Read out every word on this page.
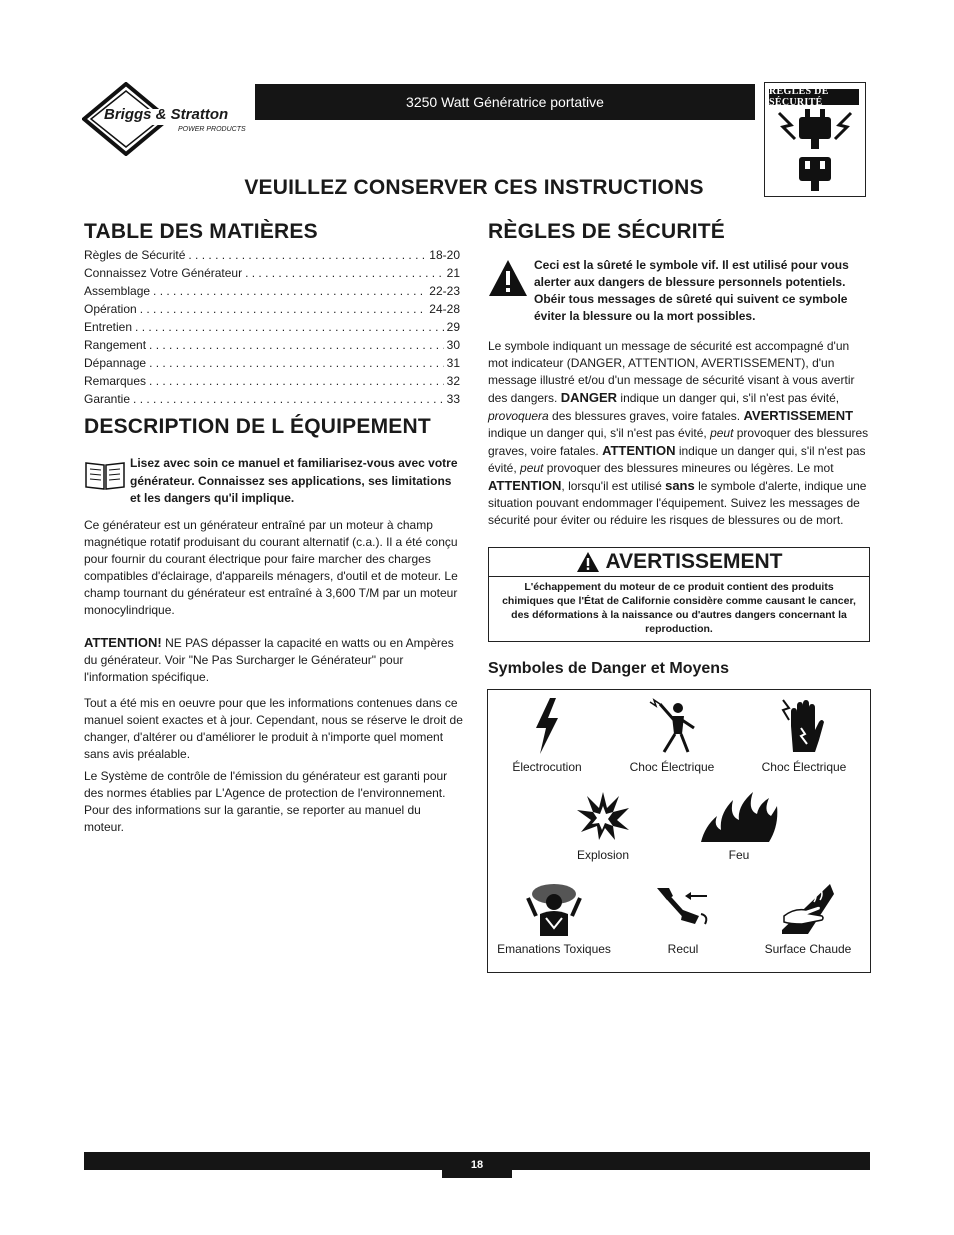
Briggs & Stratton
POWER PRODUCTS
3250 Watt Génératrice portative
RÈGLES DE SÉCURITÉ
VEUILLEZ CONSERVER CES INSTRUCTIONS
TABLE DES MATIÈRES
Règles de Sécurité . . .	18-20
Connaissez Votre Générateur . . .	21
Assemblage . . .	22-23
Opération . . .	24-28
Entretien . . .	29
Rangement . . .	30
Dépannage . . .	31
Remarques . . .	32
Garantie . . .	33
DESCRIPTION DE L ÉQUIPEMENT
Lisez avec soin ce manuel et familiarisez-vous avec votre générateur. Connaissez ses applications, ses limitations et les dangers qu'il implique.

Ce générateur est un générateur entraîné par un moteur à champ magnétique rotatif produisant du courant alternatif (c.a.). Il a été conçu pour fournir du courant électrique pour faire marcher des charges compatibles d'éclairage, d'appareils ménagers, d'outil et de moteur. Le champ tournant du générateur est entraîné à 3,600 T/M par un moteur monocylindrique.

ATTENTION! NE PAS dépasser la capacité en watts ou en Ampères du générateur. Voir "Ne Pas Surcharger le Générateur" pour l'information spécifique.

Tout a été mis en oeuvre pour que les informations contenues dans ce manuel soient exactes et à jour. Cependant, nous se réserve le droit de changer, d'altérer ou d'améliorer le produit à n'importe quel moment sans avis préalable.

Le Système de contrôle de l'émission du générateur est garanti pour des normes établies par L'Agence de protection de l'environnement. Pour des informations sur la garantie, se reporter au manuel du moteur.

RÈGLES DE SÉCURITÉ
Ceci est la sûreté le symbole vif. Il est utilisé pour vous alerter aux dangers de blessure personnels potentiels. Obéir tous messages de sûreté qui suivent ce symbole éviter la blessure ou la mort possibles.

Le symbole indiquant un message de sécurité est accompagné d'un mot indicateur (DANGER, ATTENTION, AVERTISSEMENT), d'un message illustré et/ou d'un message de sécurité visant à vous avertir des dangers. DANGER indique un danger qui, s'il n'est pas évité, provoquera des blessures graves, voire fatales. AVERTISSEMENT indique un danger qui, s'il n'est pas évité, peut provoquer des blessures graves, voire fatales. ATTENTION indique un danger qui, s'il n'est pas évité, peut provoquer des blessures mineures ou légères. Le mot ATTENTION, lorsqu'il est utilisé sans le symbole d'alerte, indique une situation pouvant endommager l'équipement. Suivez les messages de sécurité pour éviter ou réduire les risques de blessures ou de mort.

AVERTISSEMENT
L'échappement du moteur de ce produit contient des produits chimiques que l'État de Californie considère comme causant le cancer, des déformations à la naissance ou d'autres dangers concernant la reproduction.
Symboles de Danger et Moyens
Électrocution	Choc Électrique	Choc Électrique
Explosion	Feu
Emanations Toxiques	Recul	Surface Chaude
18
